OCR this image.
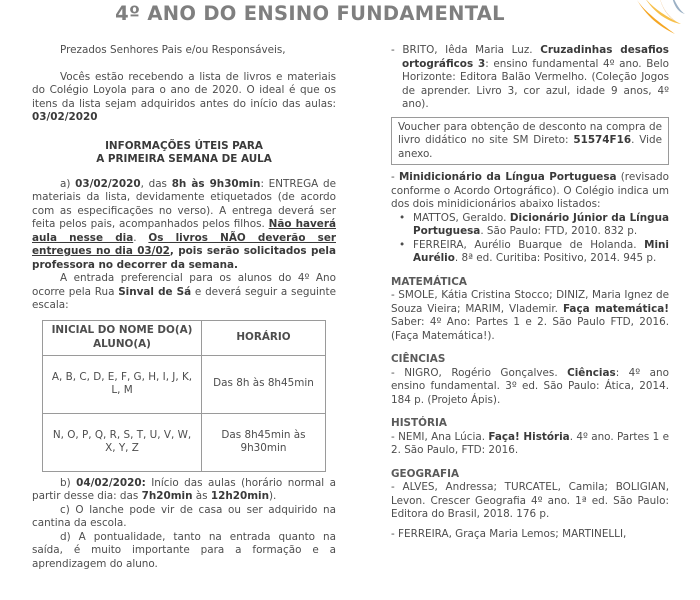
4º ANO DO ENSINO FUNDAMENTAL

Prezados Senhores Pais e/ou Responsáveis,

Vocês estão recebendo a lista de livros e materiais do Colégio Loyola para o ano de 2020. O ideal é que os itens da lista sejam adquiridos antes do início das aulas: 03/02/2020

INFORMAÇÕES ÚTEIS PARA
A PRIMEIRA SEMANA DE AULA

a) 03/02/2020, das 8h às 9h30min: ENTREGA de materiais da lista, devidamente etiquetados (de acordo com as especificações no verso). A entrega deverá ser feita pelos pais, acompanhados pelos filhos. Não haverá aula nesse dia. Os livros NÃO deverão ser entregues no dia 03/02, pois serão solicitados pela professora no decorrer da semana.

A entrada preferencial para os alunos do 4º Ano ocorre pela Rua Sinval de Sá e deverá seguir a seguinte escala:

INICIAL DO NOME DO(A) ALUNO(A)	HORÁRIO
A, B, C, D, E, F, G, H, I, J, K, L, M	Das 8h às 8h45min
N, O, P, Q, R, S, T, U, V, W, X, Y, Z	Das 8h45min às 9h30min

b) 04/02/2020: Início das aulas (horário normal a partir desse dia: das 7h20min às 12h20min).

c) O lanche pode vir de casa ou ser adquirido na cantina da escola.

d) A pontualidade, tanto na entrada quanto na saída, é muito importante para a formação e a aprendizagem do aluno.

- BRITO, Iêda Maria Luz. Cruzadinhas desafios ortográficos 3: ensino fundamental 4º ano. Belo Horizonte: Editora Balão Vermelho. (Coleção Jogos de aprender. Livro 3, cor azul, idade 9 anos, 4º ano).

Voucher para obtenção de desconto na compra de livro didático no site SM Direto: 51574F16. Vide anexo.

- Minidicionário da Língua Portuguesa (revisado conforme o Acordo Ortográfico). O Colégio indica um dos dois minidicionários abaixo listados:

• MATTOS, Geraldo. Dicionário Júnior da Língua Portuguesa. São Paulo: FTD, 2010. 832 p.

• FERREIRA, Aurélio Buarque de Holanda. Mini Aurélio. 8ª ed. Curitiba: Positivo, 2014. 945 p.

MATEMÁTICA

- SMOLE, Kátia Cristina Stocco; DINIZ, Maria Ignez de Souza Vieira; MARIM, Vlademir. Faça matemática! Saber: 4º Ano: Partes 1 e 2. São Paulo FTD, 2016. (Faça Matemática!).

CIÊNCIAS

- NIGRO, Rogério Gonçalves. Ciências: 4º ano ensino fundamental. 3º ed. São Paulo: Ática, 2014. 184 p. (Projeto Ápis).

HISTÓRIA

- NEMI, Ana Lúcia. Faça! História. 4º ano. Partes 1 e 2. São Paulo, FTD: 2016.

GEOGRAFIA

- ALVES, Andressa; TURCATEL, Camila; BOLIGIAN, Levon. Crescer Geografia 4º ano. 1ª ed. São Paulo: Editora do Brasil, 2018. 176 p.

- FERREIRA, Graça Maria Lemos; MARTINELLI,
